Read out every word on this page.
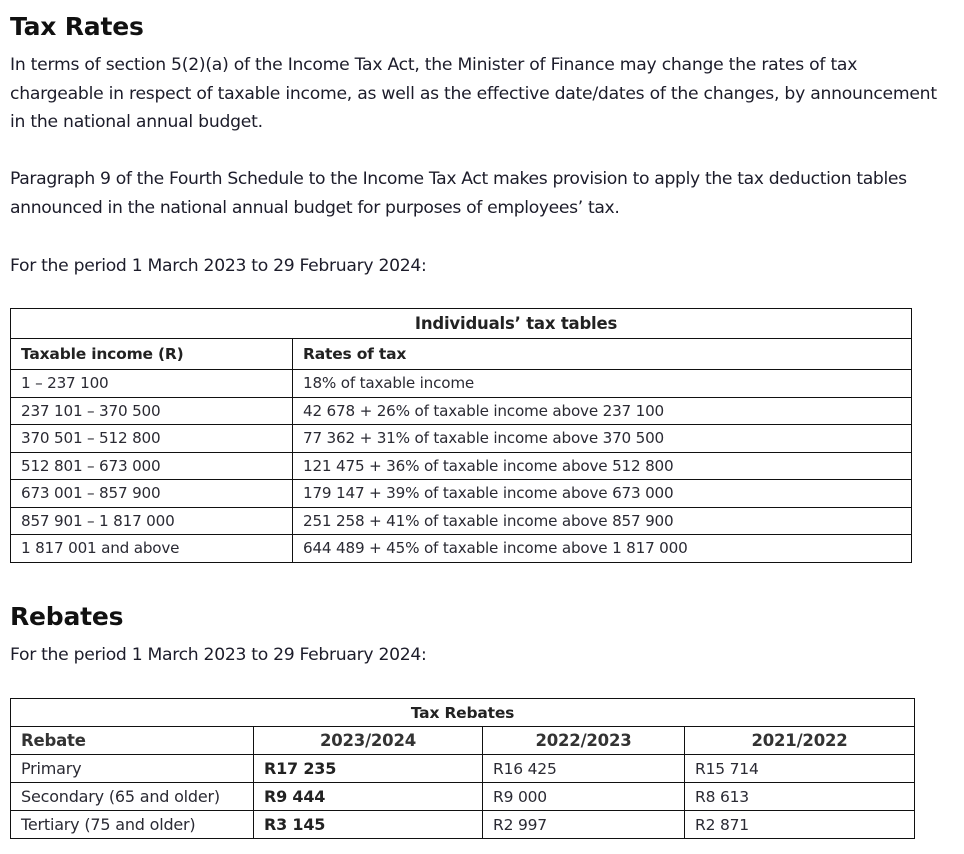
Tax Rates

In terms of section 5(2)(a) of the Income Tax Act, the Minister of Finance may change the rates of tax chargeable in respect of taxable income, as well as the effective date/dates of the changes, by announcement in the national annual budget.

Paragraph 9 of the Fourth Schedule to the Income Tax Act makes provision to apply the tax deduction tables announced in the national annual budget for purposes of employees’ tax.

For the period 1 March 2023 to 29 February 2024:

Individuals’ tax tables	
Taxable income (R)	Rates of tax
1 – 237 100	18% of taxable income
237 101 – 370 500	42 678 + 26% of taxable income above 237 100
370 501 – 512 800	77 362 + 31% of taxable income above 370 500
512 801 – 673 000	121 475 + 36% of taxable income above 512 800
673 001 – 857 900	179 147 + 39% of taxable income above 673 000
857 901 – 1 817 000	251 258 + 41% of taxable income above 857 900
1 817 001 and above	644 489 + 45% of taxable income above 1 817 000
Rebates

For the period 1 March 2023 to 29 February 2024:

Tax Rebates			
Rebate	2023/2024	2022/2023	2021/2022
Primary	R17 235	R16 425	R15 714
Secondary (65 and older)	R9 444	R9 000	R8 613
Tertiary (75 and older)	R3 145	R2 997	R2 871
